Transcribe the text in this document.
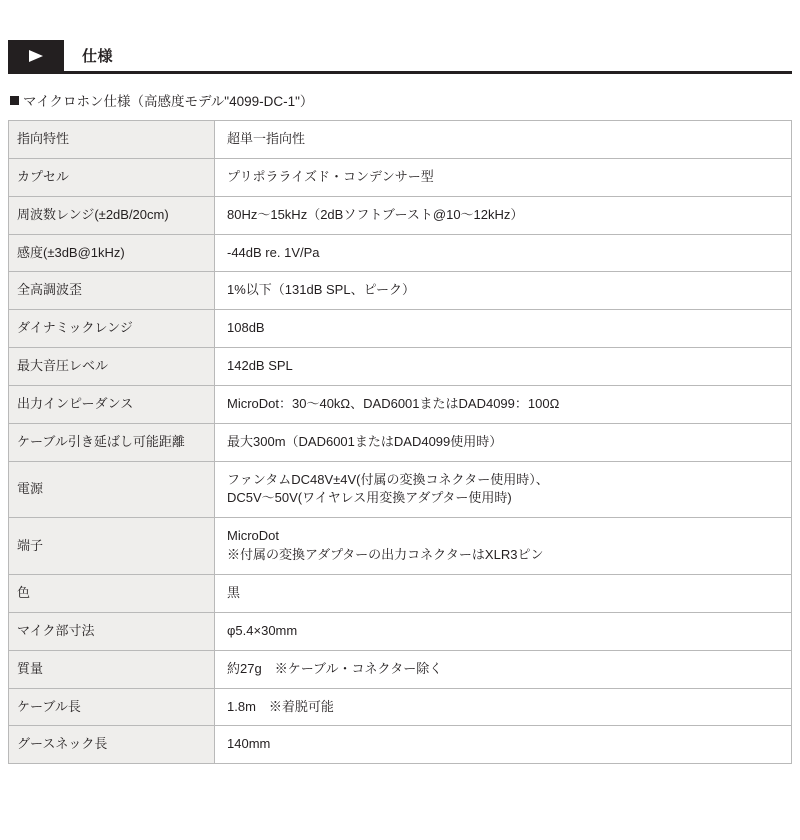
仕様
マイクロホン仕様（高感度モデル"4099-DC-1"）
指向特性	超単一指向性

カプセル	プリポラライズド・コンデンサー型

周波数レンジ(±2dB/20cm)	80Hz〜15kHz（2dBソフトブースト@10〜12kHz）

感度(±3dB@1kHz)	-44dB re. 1V/Pa

全高調波歪	1%以下（131dB SPL、ピーク）

ダイナミックレンジ	108dB

最大音圧レベル	142dB SPL

出力インピーダンス	MicroDot：30〜40kΩ、DAD6001またはDAD4099：100Ω

ケーブル引き延ばし可能距離	最大300m（DAD6001またはDAD4099使用時）

電源	ファンタムDC48V±4V(付属の変換コネクター使用時）、
DC5V〜50V(ワイヤレス用変換アダプター使用時)

端子	MicroDot
※付属の変換アダプターの出力コネクターはXLR3ピン

色	黒

マイク部寸法	φ5.4×30mm

質量	約27g　※ケーブル・コネクター除く

ケーブル長	1.8m　※着脱可能

グースネック長	140mm
